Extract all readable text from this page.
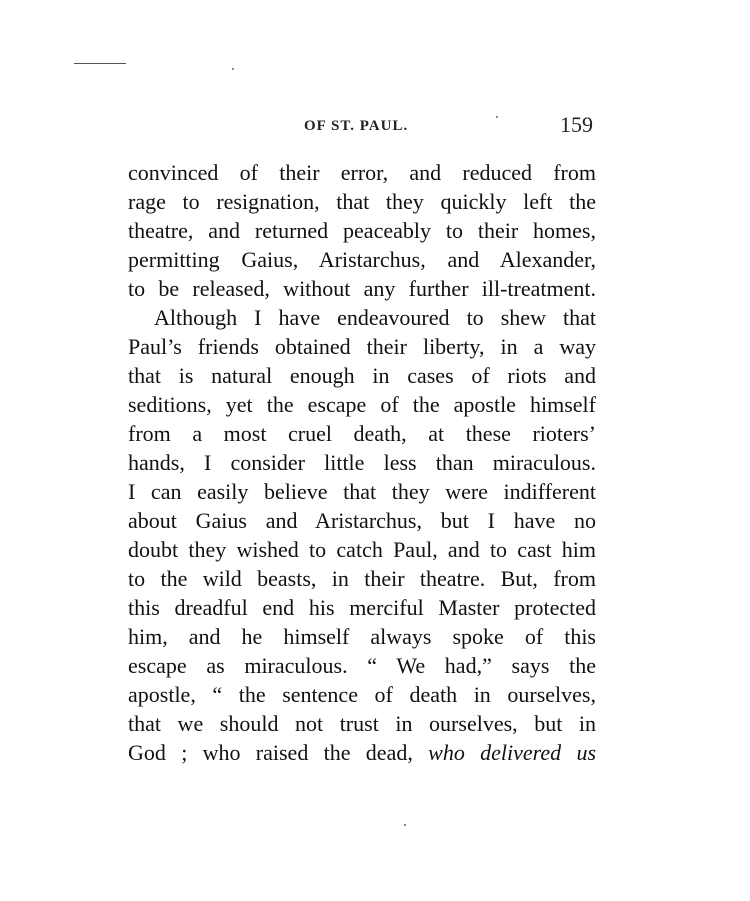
OF ST. PAUL.	159
convinced of their error, and reduced from
rage to resignation, that they quickly left the
theatre, and returned peaceably to their homes,
permitting Gaius, Aristarchus, and Alexander,
to be released, without any further ill-treatment.
Although I have endeavoured to shew that
Paul’s friends obtained their liberty, in a way
that is natural enough in cases of riots and
seditions, yet the escape of the apostle himself
from a most cruel death, at these rioters’
hands, I consider little less than miraculous.
I can easily believe that they were indifferent
about Gaius and Aristarchus, but I have no
doubt they wished to catch Paul, and to cast him
to the wild beasts, in their theatre. But, from
this dreadful end his merciful Master protected
him, and he himself always spoke of this
escape as miraculous. “ We had,” says the
apostle, “ the sentence of death in ourselves,
that we should not trust in ourselves, but in
God ; who raised the dead, who delivered us
